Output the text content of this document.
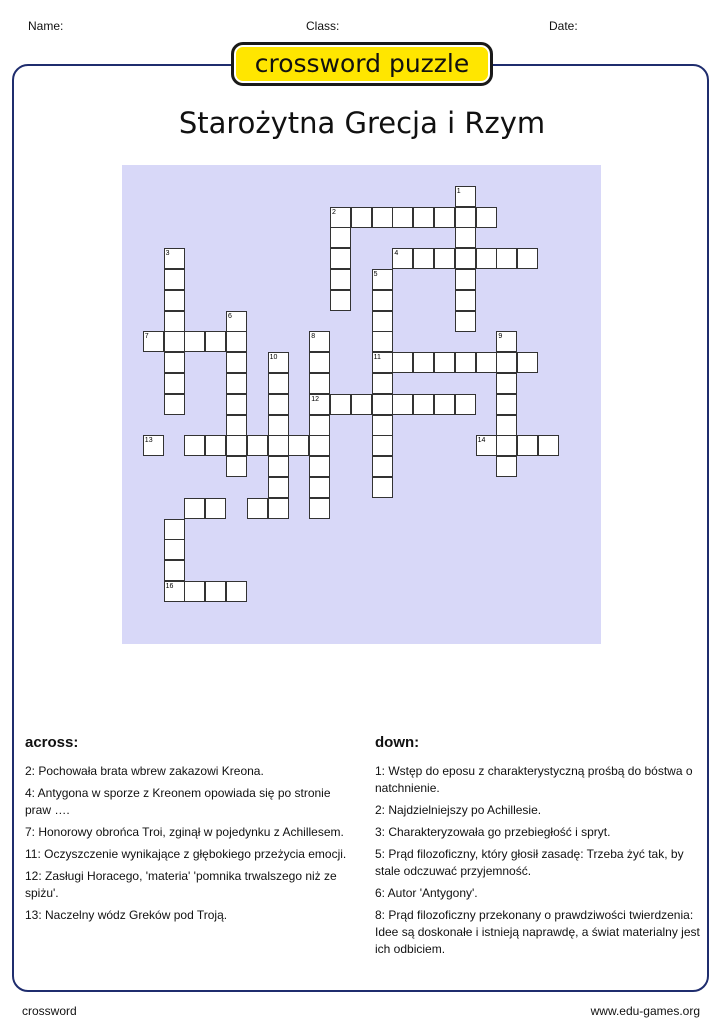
Name:	Class:	Date:
crossword puzzle
Starożytna Grecja i Rzym
1
2
4
5
11
3
7
6
8
12
9
10
13	14
16
across:
2: Pochowała brata wbrew zakazowi Kreona.
4: Antygona w sporze z Kreonem opowiada się po stronie praw ….
7: Honorowy obrońca Troi, zginął w pojedynku z Achillesem.
11: Oczyszczenie wynikające z głębokiego przeżycia emocji.
12: Zasługi Horacego, 'materia' 'pomnika trwalszego niż ze spiżu'.
13: Naczelny wódz Greków pod Troją.
down:
1: Wstęp do eposu z charakterystyczną prośbą do bóstwa o natchnienie.
2: Najdzielniejszy po Achillesie.
3: Charakteryzowała go przebiegłość i spryt.
5: Prąd filozoficzny, który głosił zasadę: Trzeba żyć tak, by stale odczuwać przyjemność.
6: Autor 'Antygony'.
8: Prąd filozoficzny przekonany o prawdziwości twierdzenia: Idee są doskonałe i istnieją naprawdę, a świat materialny jest ich odbiciem.
crossword	www.edu-games.org
